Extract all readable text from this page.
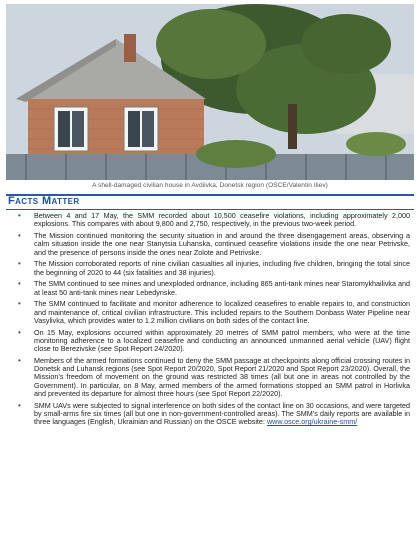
A shell-damaged civilian house in Avdiivka, Donetsk region (OSCE/Valentin Iliev)
Facts Matter
• Between 4 and 17 May, the SMM recorded about 10,500 ceasefire violations, including approximately 2,000 explosions. This compares with about 9,800 and 2,750, respectively, in the previous two-week period.
• The Mission continued monitoring the security situation in and around the three disengagement areas, observing a calm situation inside the one near Stanytsia Luhanska, continued ceasefire violations inside the one near Petrivske, and the presence of persons inside the ones near Zolote and Petrivske.
• The Mission corroborated reports of nine civilian casualties all injuries, including five children, bringing the total since the beginning of 2020 to 44 (six fatalities and 38 injuries).
• The SMM continued to see mines and unexploded ordnance, including 865 anti-tank mines near Staromykhailivka and at least 50 anti-tank mines near Lebedynske.
• The SMM continued to facilitate and monitor adherence to localized ceasefires to enable repairs to, and construction and maintenance of, critical civilian infrastructure. This included repairs to the Southern Donbass Water Pipeline near Vasylivka, which provides water to 1.2 million civilians on both sides of the contact line.
• On 15 May, explosions occurred within approximately 20 metres of SMM patrol members, who were at the time monitoring adherence to a localized ceasefire and conducting an announced unmanned aerial vehicle (UAV) flight close to Berezivske (see Spot Report 24/2020).
• Members of the armed formations continued to deny the SMM passage at checkpoints along official crossing routes in Donetsk and Luhansk regions (see Spot Report 20/2020, Spot Report 21/2020 and Spot Report 23/2020). Overall, the Mission’s freedom of movement on the ground was restricted 38 times (all but one in areas not controlled by the Government). In particular, on 8 May, armed members of the armed formations stopped an SMM patrol in Horlivka and prevented its departure for almost three hours (see Spot Report 22/2020).
• SMM UAVs were subjected to signal interference on both sides of the contact line on 30 occasions, and were targeted by small-arms fire six times (all but one in non-government-controlled areas). The SMM’s daily reports are available in three languages (English, Ukrainian and Russian) on the OSCE website: www.osce.org/ukraine-smm/
